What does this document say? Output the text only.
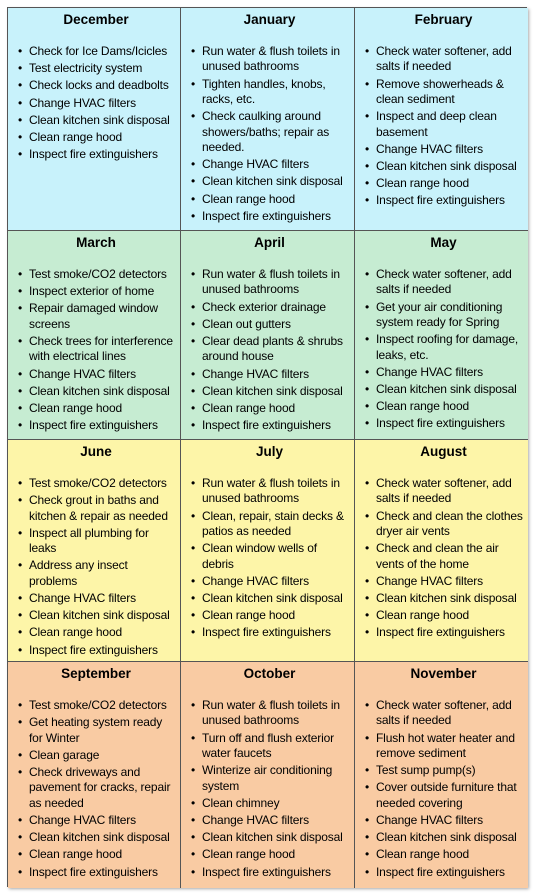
December
• Check for Ice Dams/Icicles
• Test electricity system
• Check locks and deadbolts
• Change HVAC filters
• Clean kitchen sink disposal
• Clean range hood
• Inspect fire extinguishers
January
• Run water & flush toilets in unused bathrooms
• Tighten handles, knobs, racks, etc.
• Check caulking around showers/baths; repair as needed.
• Change HVAC filters
• Clean kitchen sink disposal
• Clean range hood
• Inspect fire extinguishers
February
• Check water softener, add salts if needed
• Remove showerheads & clean sediment
• Inspect and deep clean basement
• Change HVAC filters
• Clean kitchen sink disposal
• Clean range hood
• Inspect fire extinguishers
March
• Test smoke/CO2 detectors
• Inspect exterior of home
• Repair damaged window screens
• Check trees for interference with electrical lines
• Change HVAC filters
• Clean kitchen sink disposal
• Clean range hood
• Inspect fire extinguishers
April
• Run water & flush toilets in unused bathrooms
• Check exterior drainage
• Clean out gutters
• Clear dead plants & shrubs around house
• Change HVAC filters
• Clean kitchen sink disposal
• Clean range hood
• Inspect fire extinguishers
May
• Check water softener, add salts if needed
• Get your air conditioning system ready for Spring
• Inspect roofing for damage, leaks, etc.
• Change HVAC filters
• Clean kitchen sink disposal
• Clean range hood
• Inspect fire extinguishers
June
• Test smoke/CO2 detectors
• Check grout in baths and kitchen & repair as needed
• Inspect all plumbing for leaks
• Address any insect problems
• Change HVAC filters
• Clean kitchen sink disposal
• Clean range hood
• Inspect fire extinguishers
July
• Run water & flush toilets in unused bathrooms
• Clean, repair, stain decks & patios as needed
• Clean window wells of debris
• Change HVAC filters
• Clean kitchen sink disposal
• Clean range hood
• Inspect fire extinguishers
August
• Check water softener, add salts if needed
• Check and clean the clothes dryer air vents
• Check and clean the air vents of the home
• Change HVAC filters
• Clean kitchen sink disposal
• Clean range hood
• Inspect fire extinguishers
September
• Test smoke/CO2 detectors
• Get heating system ready for Winter
• Clean garage
• Check driveways and pavement for cracks, repair as needed
• Change HVAC filters
• Clean kitchen sink disposal
• Clean range hood
• Inspect fire extinguishers
October
• Run water & flush toilets in unused bathrooms
• Turn off and flush exterior water faucets
• Winterize air conditioning system
• Clean chimney
• Change HVAC filters
• Clean kitchen sink disposal
• Clean range hood
• Inspect fire extinguishers
November
• Check water softener, add salts if needed
• Flush hot water heater and remove sediment
• Test sump pump(s)
• Cover outside furniture that needed covering
• Change HVAC filters
• Clean kitchen sink disposal
• Clean range hood
• Inspect fire extinguishers
